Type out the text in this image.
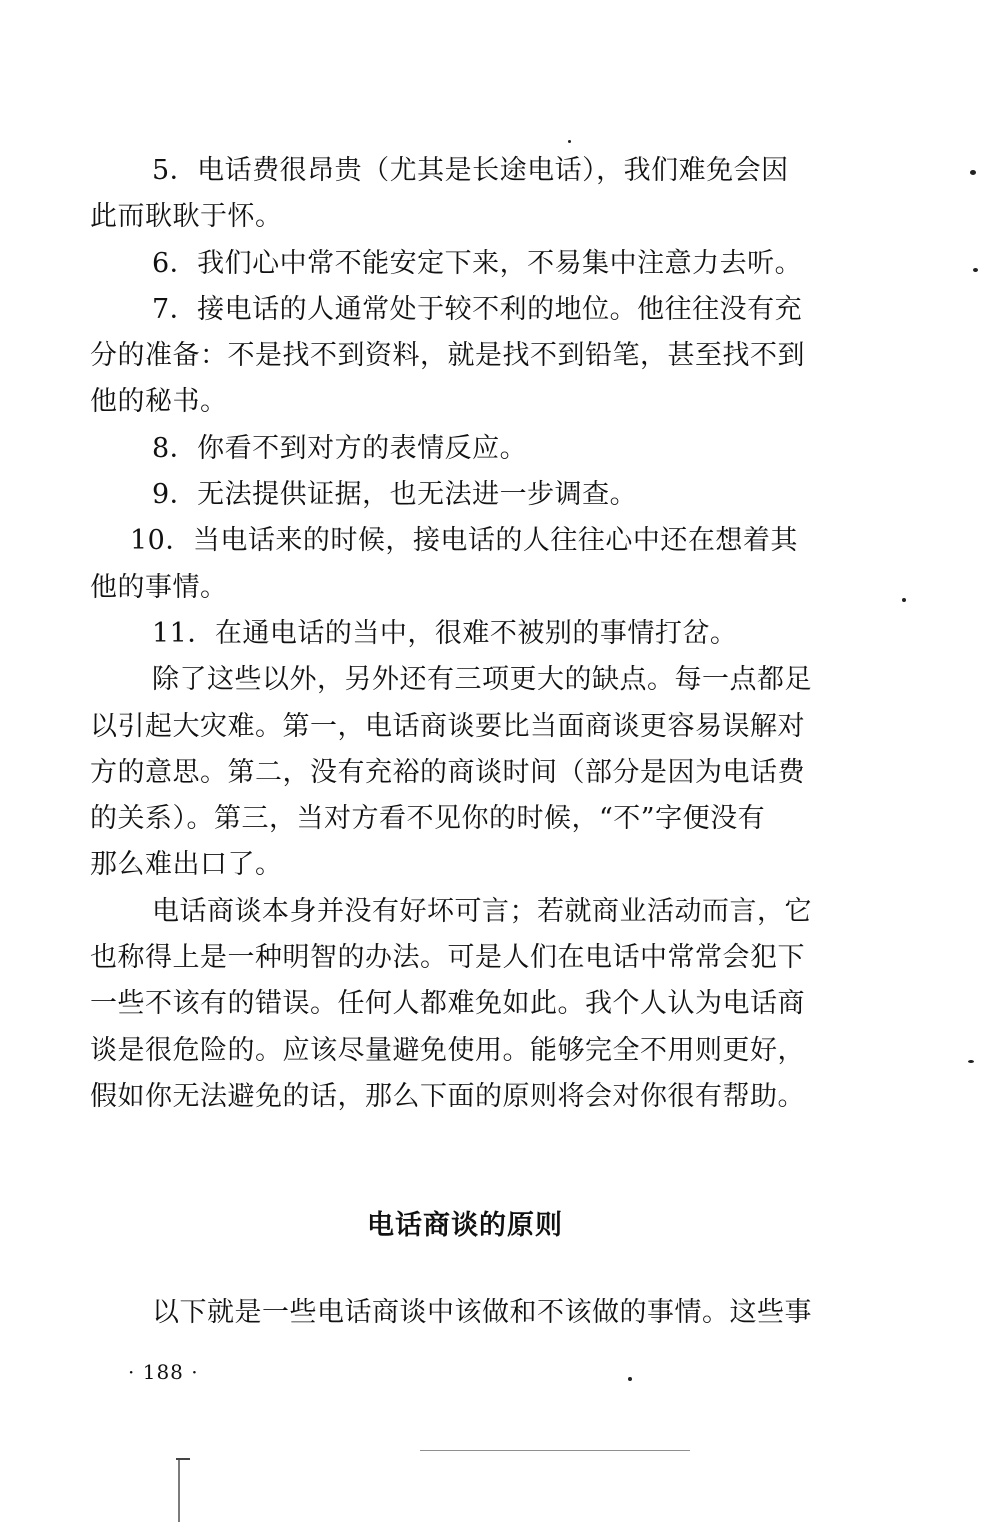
5．电话费很昂贵（尤其是长途电话），我们难免会因
此而耿耿于怀。
6．我们心中常不能安定下来，不易集中注意力去听。
7．接电话的人通常处于较不利的地位。他往往没有充
分的准备：不是找不到资料，就是找不到铅笔，甚至找不到
他的秘书。
8．你看不到对方的表情反应。
9．无法提供证据，也无法进一步调查。
10．当电话来的时候，接电话的人往往心中还在想着其
他的事情。
11．在通电话的当中，很难不被别的事情打岔。
除了这些以外，另外还有三项更大的缺点。每一点都足
以引起大灾难。第一，电话商谈要比当面商谈更容易误解对
方的意思。第二，没有充裕的商谈时间（部分是因为电话费
的关系）。第三，当对方看不见你的时候，“不”字便没有
那么难出口了。
电话商谈本身并没有好坏可言；若就商业活动而言，它
也称得上是一种明智的办法。可是人们在电话中常常会犯下
一些不该有的错误。任何人都难免如此。我个人认为电话商
谈是很危险的。应该尽量避免使用。能够完全不用则更好，
假如你无法避免的话，那么下面的原则将会对你很有帮助。
电话商谈的原则
以下就是一些电话商谈中该做和不该做的事情。这些事
· 188 ·
